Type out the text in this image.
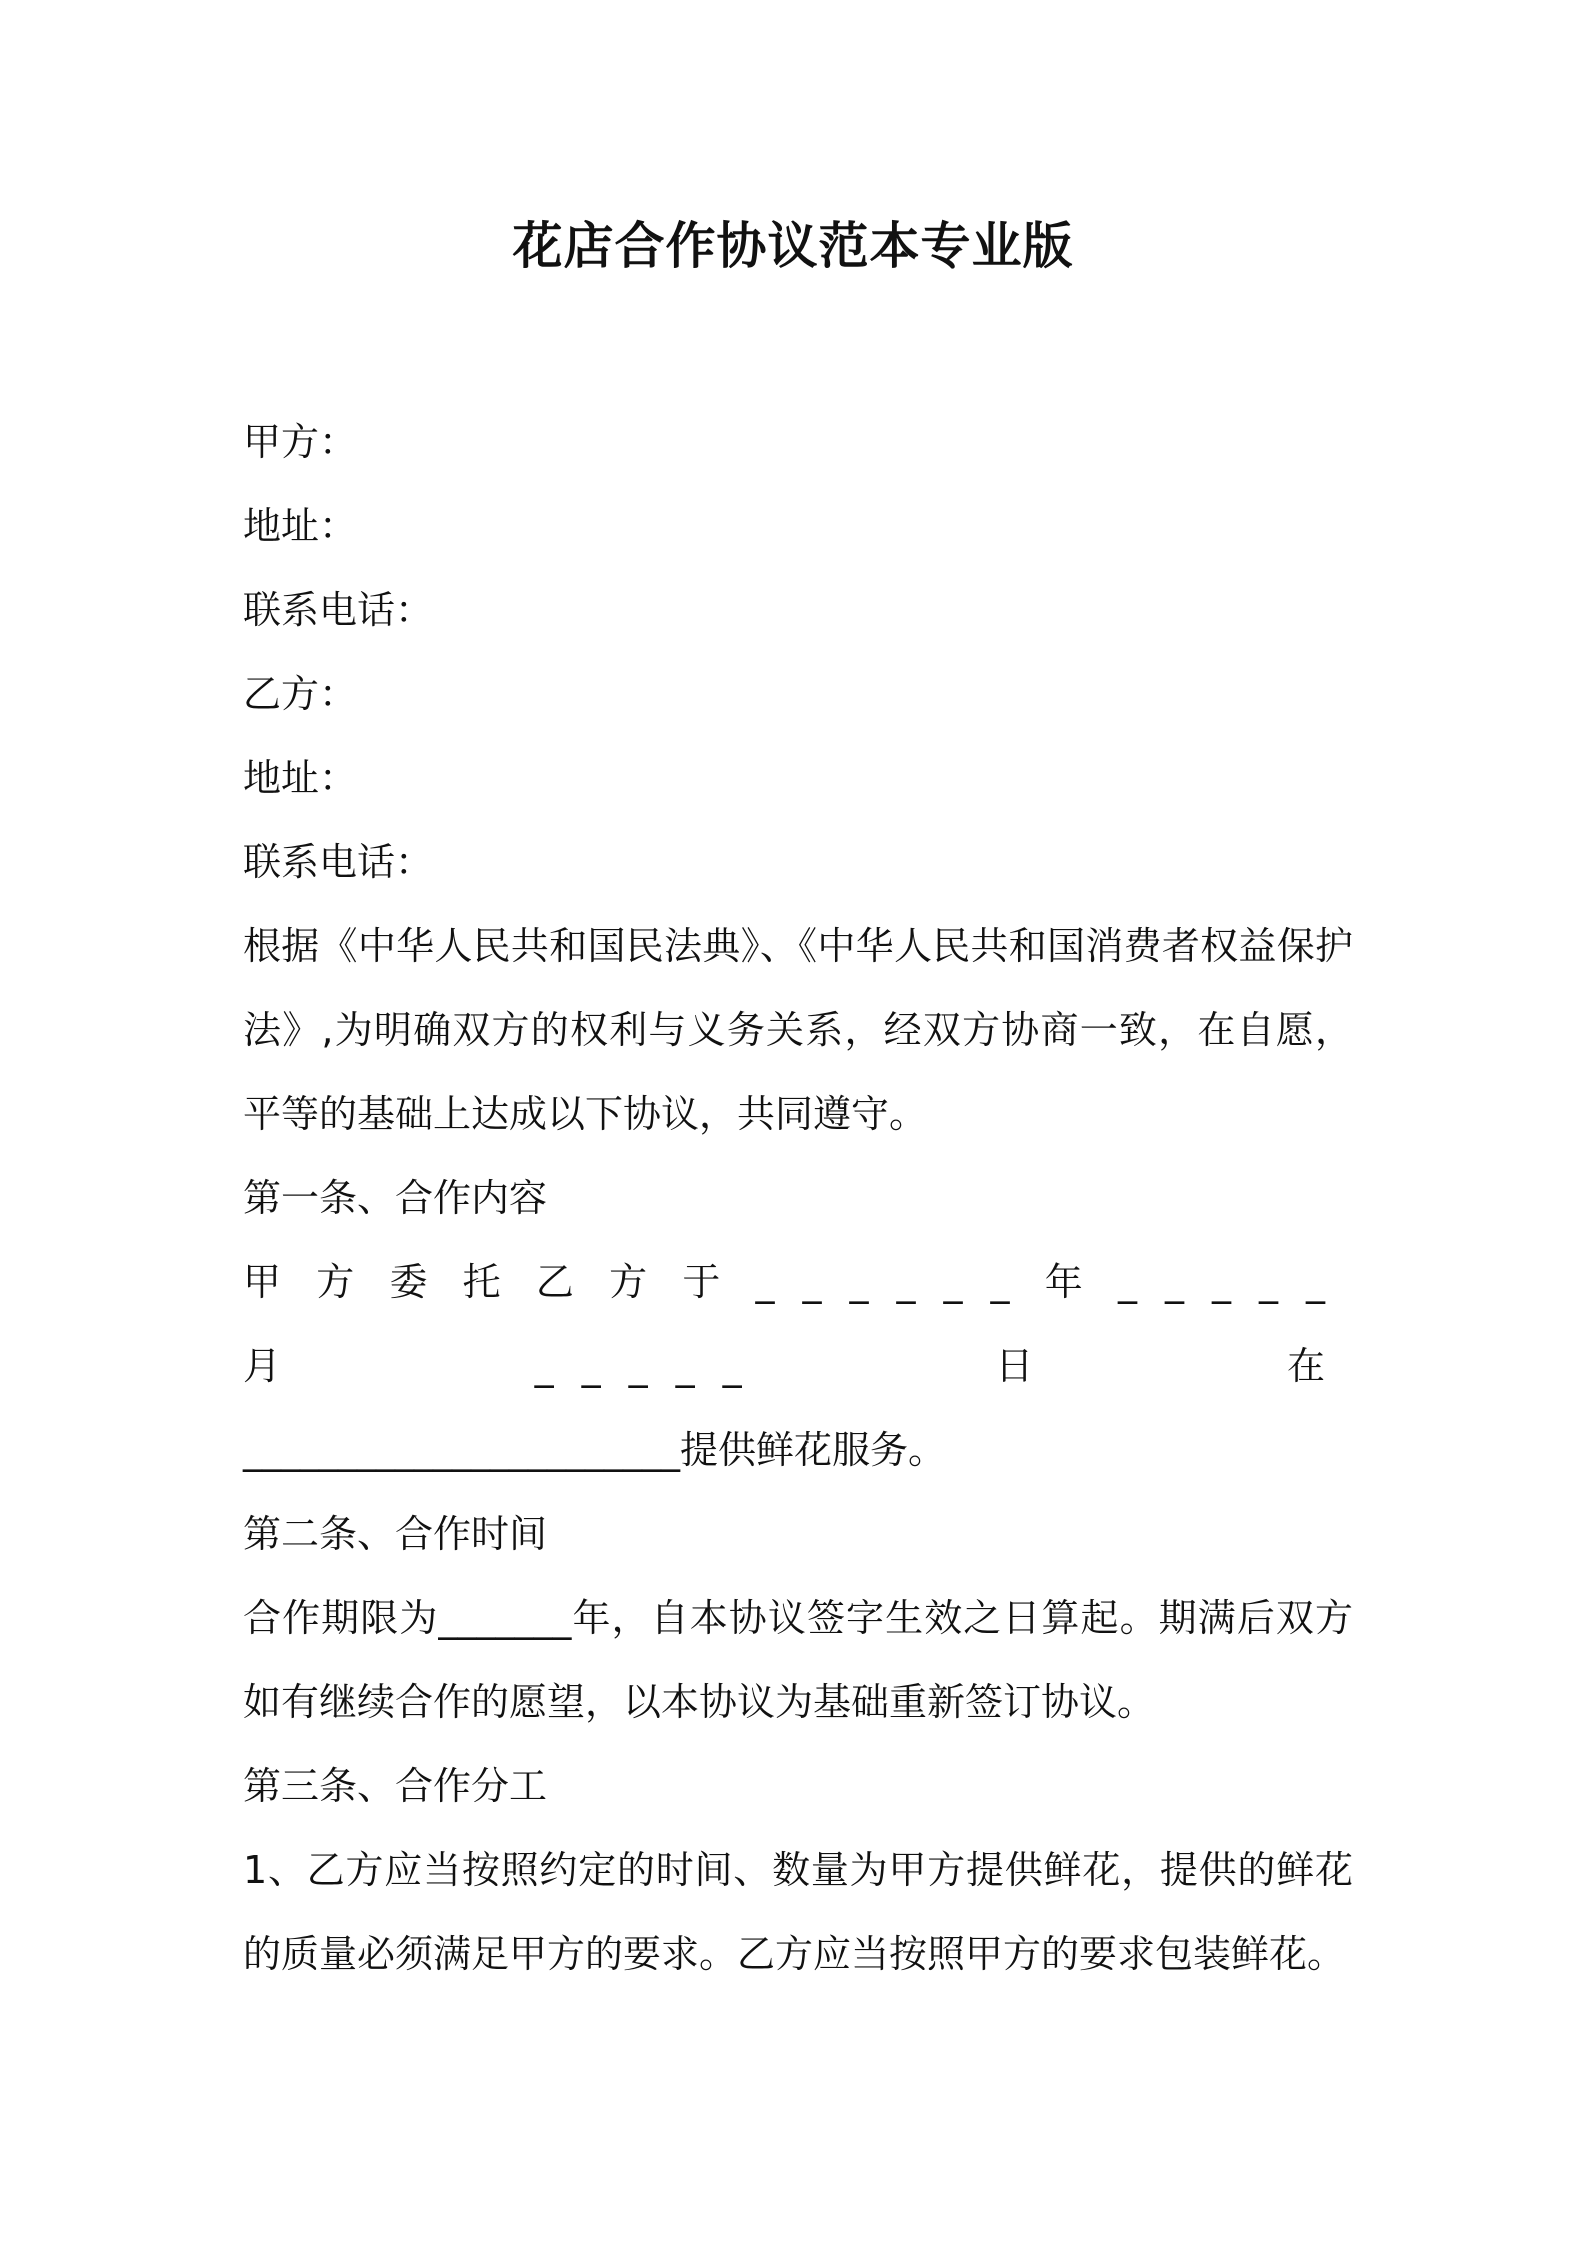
花店合作协议范本专业版
甲方：
地址：
联系电话：
乙方：
地址：
联系电话：
根据《中华人民共和国民法典》、《中华人民共和国消费者权益保护法》,为明确双方的权利与义务关系，经双方协商一致，在自愿，平等的基础上达成以下协议，共同遵守。
第一条、合作内容
甲方委托乙方于______年_____月_____日在
_______________________提供鲜花服务。
第二条、合作时间
合作期限为_______年，自本协议签字生效之日算起。期满后双方如有继续合作的愿望，以本协议为基础重新签订协议。
第三条、合作分工
1、乙方应当按照约定的时间、数量为甲方提供鲜花，提供的鲜花的质量必须满足甲方的要求。乙方应当按照甲方的要求包装鲜花。
